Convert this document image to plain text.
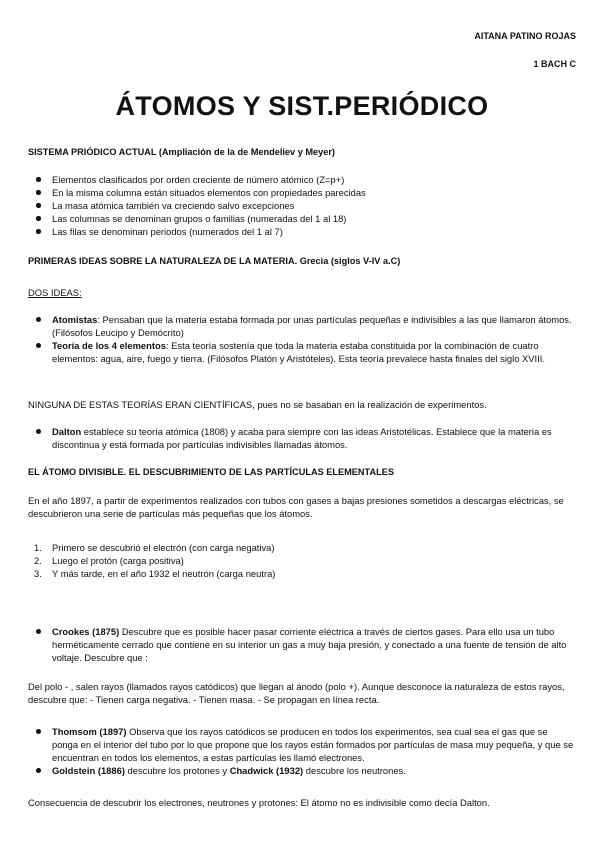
AITANA PATINO ROJAS
1 BACH C
ÁTOMOS Y SIST.PERIÓDICO
SISTEMA PRIÓDICO ACTUAL (Ampliación de la de Mendeliev y Meyer)
Elementos clasificados por orden creciente de número atómico (Z=p+)
En la misma columna están situados elementos con propiedades parecidas
La masa atómica también va creciendo salvo excepciones
Las columnas se denominan grupos o familias (numeradas del 1 al 18)
Las filas se denominan periodos (numerados del 1 al 7)
PRIMERAS IDEAS SOBRE LA NATURALEZA DE LA MATERIA. Grecia (siglos V-IV a.C)
DOS IDEAS:
Atomistas: Pensaban que la materia estaba formada por unas partículas pequeñas e indivisibles a las que llamaron átomos. (Filósofos Leucipo y Demócrito)
Teoría de los 4 elementos: Esta teoría sostenía que toda la materia estaba constituida por la combinación de cuatro elementos: agua, aire, fuego y tierra. (Filósofos Platón y Aristóteles). Esta teoría prevalece hasta finales del siglo XVIII.

NINGUNA DE ESTAS TEORÍAS ERAN CIENTÍFICAS, pues no se basaban en la realización de experimentos.

Dalton establece su teoría atómica (1808) y acaba para siempre con las ideas Aristotélicas. Establece que la materia es discontinua y está formada por partículas indivisibles llamadas átomos.
EL ÁTOMO DIVISIBLE. EL DESCUBRIMIENTO DE LAS PARTÍCULAS ELEMENTALES

En el año 1897, a partir de experimentos realizados con tubos con gases a bajas presiones sometidos a descargas eléctricas, se descubrieron una serie de partículas más pequeñas que los átomos.

1. Primero se descubrió el electrón (con carga negativa)
2. Luego el protón (carga positiva)
3. Y más tarde, en el año 1932 el neutrón (carga neutra)
Crookes (1875) Descubre que es posible hacer pasar corriente eléctrica a través de ciertos gases. Para ello usa un tubo herméticamente cerrado que contiene en su interior un gas a muy baja presión, y conectado a una fuente de tensión de alto voltaje. Descubre que :

Del polo - , salen rayos (llamados rayos catódicos) que llegan al ánodo (polo +). Aunque desconoce la naturaleza de estos rayos, descubre que: - Tienen carga negativa. - Tienen masa. - Se propagan en línea recta.

Thomsom (1897) Observa que los rayos catódicos se producen en todos los experimentos, sea cual sea el gas que se ponga en el interior del tubo por lo que propone que los rayos están formados por partículas de masa muy pequeña, y que se encuentran en todos los elementos, a estas partículas les llamó electrones.
Goldstein (1886) descubre los protones y Chadwick (1932) descubre los neutrones.

Consecuencia de descubrir los electrones, neutrones y protones: El átomo no es indivisible como decía Dalton.
